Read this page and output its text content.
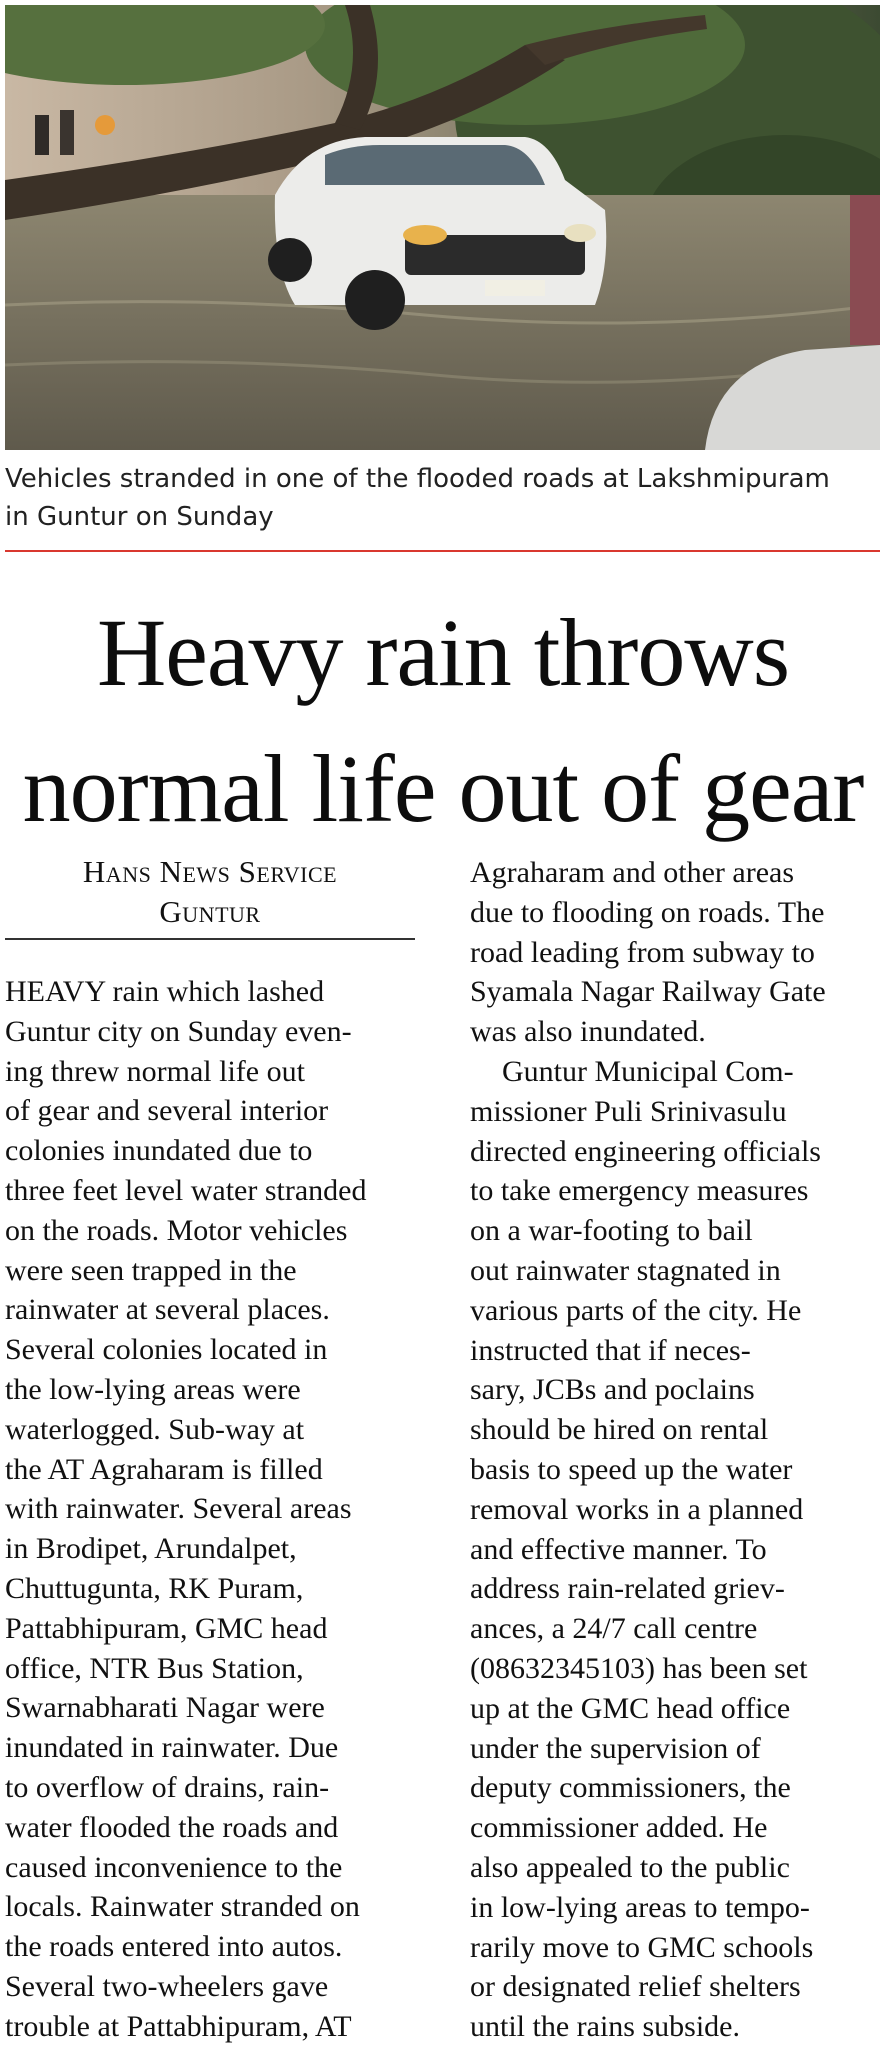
Vehicles stranded in one of the flooded roads at Lakshmipuram
in Guntur on Sunday
Heavy rain throws
normal life out of gear
Hans News Service
Guntur

HEAVY rain which lashed
Guntur city on Sunday even-
ing threw normal life out
of gear and several interior
colonies inundated due to
three feet level water stranded
on the roads. Motor vehicles
were seen trapped in the
rainwater at several places.
Several colonies located in
the low-lying areas were
waterlogged. Sub-way at
the AT Agraharam is filled
with rainwater. Several areas
in Brodipet, Arundalpet,
Chuttugunta, RK Puram,
Pattabhipuram, GMC head
office, NTR Bus Station,
Swarnabharati Nagar were
inundated in rainwater. Due
to overflow of drains, rain-
water flooded the roads and
caused inconvenience to the
locals. Rainwater stranded on
the roads entered into autos.
Several two-wheelers gave
trouble at Pattabhipuram, AT

Agraharam and other areas
due to flooding on roads. The
road leading from subway to
Syamala Nagar Railway Gate
was also inundated.

Guntur Municipal Com-
missioner Puli Srinivasulu
directed engineering officials
to take emergency measures
on a war-footing to bail
out rainwater stagnated in
various parts of the city. He
instructed that if neces-
sary, JCBs and poclains
should be hired on rental
basis to speed up the water
removal works in a planned
and effective manner. To
address rain-related griev-
ances, a 24/7 call centre
(08632345103) has been set
up at the GMC head office
under the supervision of
deputy commissioners, the
commissioner added. He
also appealed to the public
in low-lying areas to tempo-
rarily move to GMC schools
or designated relief shelters
until the rains subside.
